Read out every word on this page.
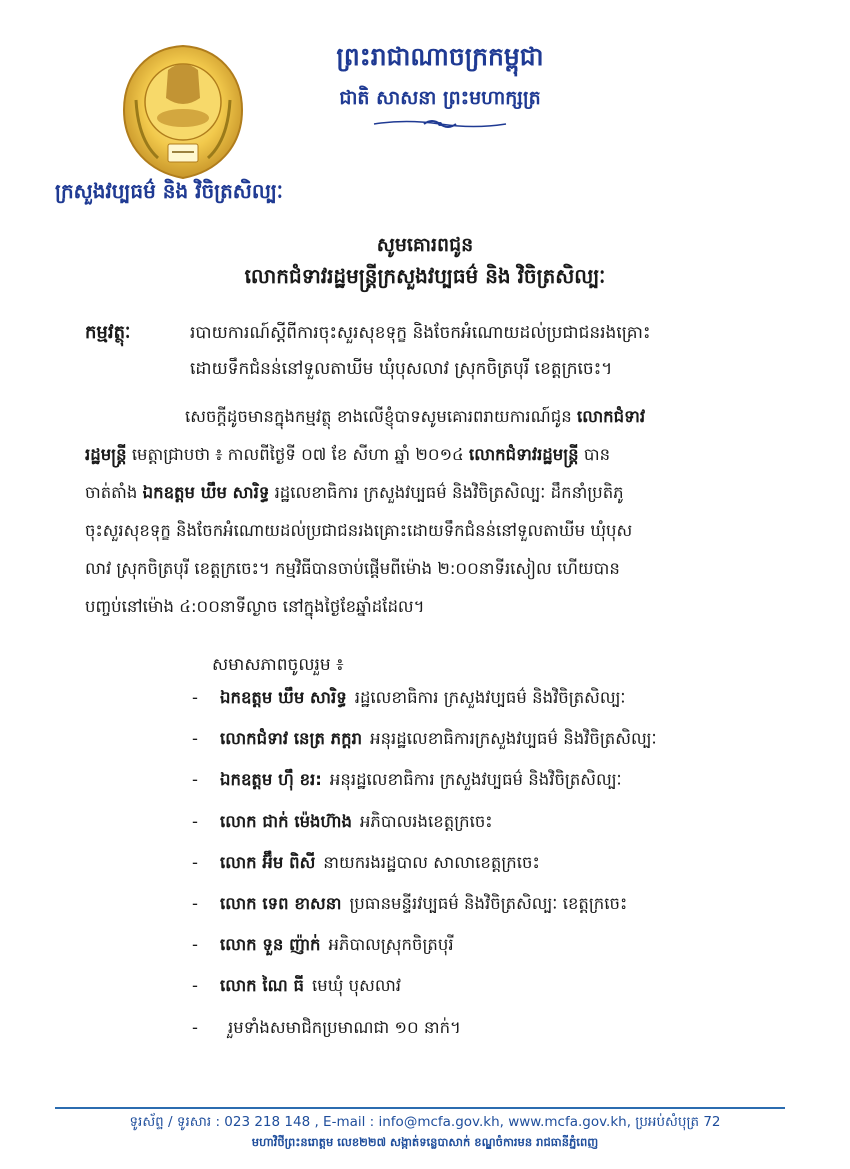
ព្រះរាជាណាចក្រកម្ពុជា
ជាតិ សាសនា ព្រះមហាក្សត្រ
ក្រសួងវប្បធម៌ និង វិចិត្រសិល្បៈ
សូមគោរពជូន
លោកជំទាវរដ្ឋមន្ត្រីក្រសួងវប្បធម៌ និង វិចិត្រសិល្បៈ
កម្មវត្ថុៈ	របាយការណ៍ស្តីពីការចុះសួរសុខទុក្ខ និងចែកអំណោយដល់ប្រជាជនរងគ្រោះ
ដោយទឹកជំនន់នៅទួលតាឃីម ឃុំបុសលាវ ស្រុកចិត្របុរី ខេត្តក្រចេះ។
សេចក្តីដូចមានក្នុងកម្មវត្ថុ ខាងលើខ្ញុំបាទសូមគោរពរាយការណ៍ជូន លោកជំទាវ
រដ្ឋមន្ត្រី មេត្តាជ្រាបថា ៖ កាលពីថ្ងៃទី ០៧ ខែ សីហា ឆ្នាំ ២០១៤ លោកជំទាវរដ្ឋមន្ត្រី បាន
ចាត់តាំង ឯកឧត្តម ឃឹម សារិទ្ធ រដ្ឋលេខាធិការ ក្រសួងវប្បធម៌ និងវិចិត្រសិល្បៈ ដឹកនាំប្រតិភូ
ចុះសួរសុខទុក្ខ និងចែកអំណោយដល់ប្រជាជនរងគ្រោះដោយទឹកជំនន់នៅទួលតាឃីម ឃុំបុស
លាវ ស្រុកចិត្របុរី ខេត្តក្រចេះ។ កម្មវិធីបានចាប់ផ្តើមពីម៉ោង ២:០០នាទីរសៀល ហើយបាន
បញ្ចប់នៅម៉ោង ៤:០០នាទីល្ងាច នៅក្នុងថ្ងៃខែឆ្នាំដដែល។
សមាសភាពចូលរួម ៖
-	ឯកឧត្តម ឃឹម សារិទ្ធ រដ្ឋលេខាធិការ ក្រសួងវប្បធម៌ និងវិចិត្រសិល្បៈ
-	លោកជំទាវ នេត្រ ភក្តរា អនុរដ្ឋលេខាធិការក្រសួងវប្បធម៌ និងវិចិត្រសិល្បៈ
-	ឯកឧត្តម ហ៊ឹ ខរ: អនុរដ្ឋលេខាធិការ ក្រសួងវប្បធម៌ និងវិចិត្រសិល្បៈ
-	លោក ជាក់ ម៉េងហ៊ាង អភិបាលរងខេត្តក្រចេះ
-	លោក អ៊ឹម ពិសី នាយករងរដ្ឋបាល សាលាខេត្តក្រចេះ
-	លោក ទេព ខាសនា ប្រធានមន្ទីរវប្បធម៌ និងវិចិត្រសិល្បៈ ខេត្តក្រចេះ
-	លោក ទួន ញ៉ាក់ អភិបាលស្រុកចិត្របុរី
-	លោក ណៃ ធី មេឃុំ បុសលាវ
-	រួមទាំងសមាជិកប្រមាណជា ១០ នាក់។
ទូរស័ព្ទ / ទូរសារ : 023 218 148 , E-mail : info@mcfa.gov.kh, www.mcfa.gov.kh, ប្រអប់សំបុត្រ 72
មហាវិថីព្រះនរោត្តម លេខ២២៧ សង្កាត់ទន្លេបាសាក់ ខណ្ឌចំការមន រាជធានីភ្នំពេញ
